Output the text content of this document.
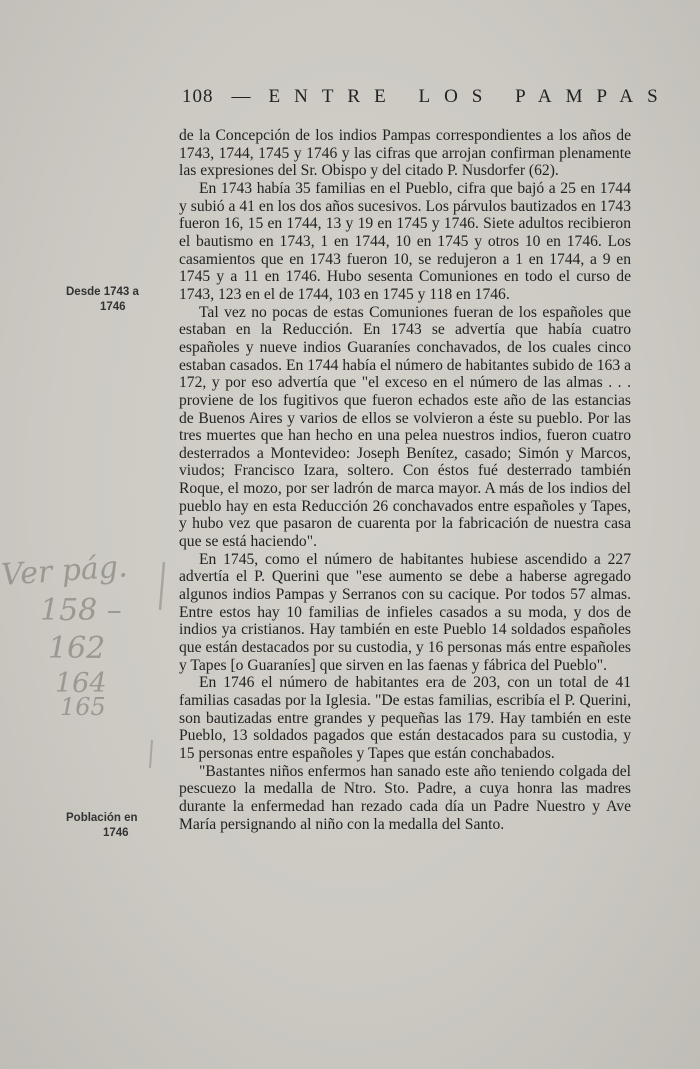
108 — ENTRE LOS PAMPAS
Desde 1743 a
1746
Población en
1746
Ver pág.
158 –
162
164
165

de la Concepción de los indios Pampas correspondientes a los años de 1743, 1744, 1745 y 1746 y las cifras que arrojan confirman plenamente las expresiones del Sr. Obispo y del citado P. Nusdorfer (62).

En 1743 había 35 familias en el Pueblo, cifra que bajó a 25 en 1744 y subió a 41 en los dos años sucesivos. Los párvulos bautizados en 1743 fueron 16, 15 en 1744, 13 y 19 en 1745 y 1746. Siete adultos recibieron el bautismo en 1743, 1 en 1744, 10 en 1745 y otros 10 en 1746. Los casamientos que en 1743 fueron 10, se redujeron a 1 en 1744, a 9 en 1745 y a 11 en 1746. Hubo sesenta Comuniones en todo el curso de 1743, 123 en el de 1744, 103 en 1745 y 118 en 1746.

Tal vez no pocas de estas Comuniones fueran de los españoles que estaban en la Reducción. En 1743 se advertía que había cuatro españoles y nueve indios Guaraníes conchavados, de los cuales cinco estaban casados. En 1744 había el número de habitantes subido de 163 a 172, y por eso advertía que "el exceso en el número de las almas . . . proviene de los fugitivos que fueron echados este año de las estancias de Buenos Aires y varios de ellos se volvieron a éste su pueblo. Por las tres muertes que han hecho en una pelea nuestros indios, fueron cuatro desterrados a Montevideo: Joseph Benítez, casado; Simón y Marcos, viudos; Francisco Izara, soltero. Con éstos fué desterrado también Roque, el mozo, por ser ladrón de marca mayor. A más de los indios del pueblo hay en esta Reducción 26 conchavados entre españoles y Tapes, y hubo vez que pasaron de cuarenta por la fabricación de nuestra casa que se está haciendo".

En 1745, como el número de habitantes hubiese ascendido a 227 advertía el P. Querini que "ese aumento se debe a haberse agregado algunos indios Pampas y Serranos con su cacique. Por todos 57 almas. Entre estos hay 10 familias de infieles casados a su moda, y dos de indios ya cristianos. Hay también en este Pueblo 14 soldados españoles que están destacados por su custodia, y 16 personas más entre españoles y Tapes [o Guaraníes] que sirven en las faenas y fábrica del Pueblo".

En 1746 el número de habitantes era de 203, con un total de 41 familias casadas por la Iglesia. "De estas familias, escribía el P. Querini, son bautizadas entre grandes y pequeñas las 179. Hay también en este Pueblo, 13 soldados pagados que están destacados para su custodia, y 15 personas entre españoles y Tapes que están conchabados.

"Bastantes niños enfermos han sanado este año teniendo colgada del pescuezo la medalla de Ntro. Sto. Padre, a cuya honra las madres durante la enfermedad han rezado cada día un Padre Nuestro y Ave María persignando al niño con la medalla del Santo.
